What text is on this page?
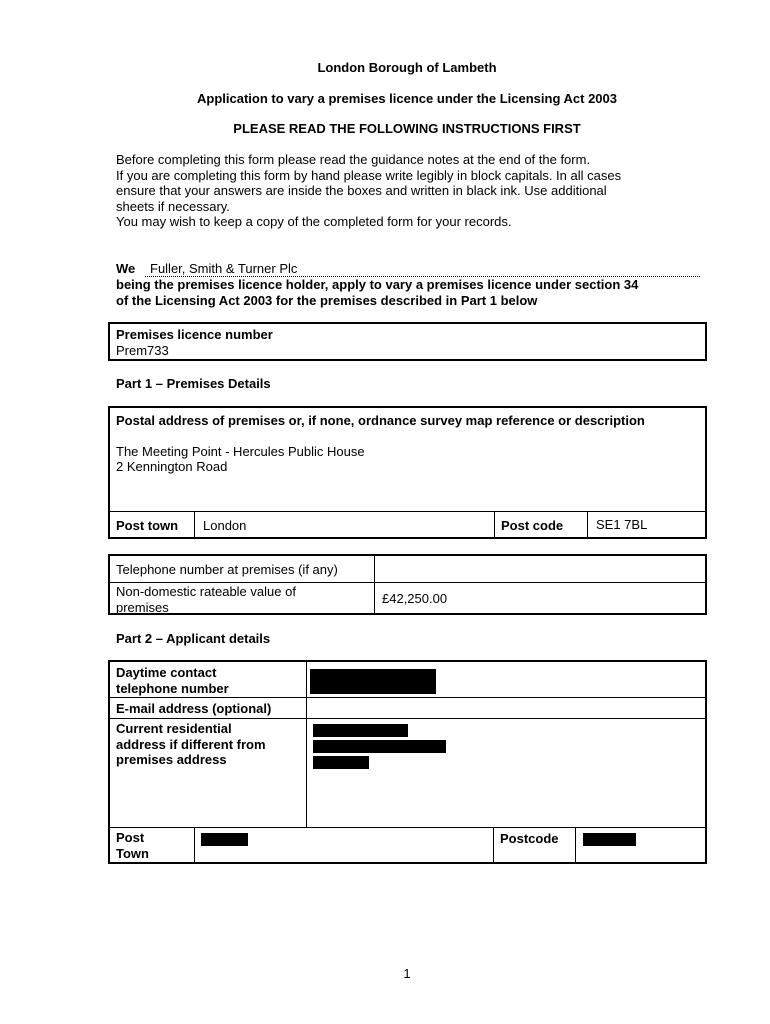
London Borough of Lambeth
Application to vary a premises licence under the Licensing Act 2003
PLEASE READ THE FOLLOWING INSTRUCTIONS FIRST
Before completing this form please read the guidance notes at the end of the form.
If you are completing this form by hand please write legibly in block capitals. In all cases
ensure that your answers are inside the boxes and written in black ink. Use additional
sheets if necessary.
You may wish to keep a copy of the completed form for your records.
We Fuller, Smith & Turner Plc
being the premises licence holder, apply to vary a premises licence under section 34
of the Licensing Act 2003 for the premises described in Part 1 below
Premises licence number
Prem733
Part 1 – Premises Details
Postal address of premises or, if none, ordnance survey map reference or description
The Meeting Point - Hercules Public House
2 Kennington Road
Post town London	Post code	SE1 7BL
Telephone number at premises (if any)
Non-domestic rateable value of
premises
£42,250.00
Part 2 – Applicant details
Daytime contact
telephone number
E-mail address (optional)
Current residential
address if different from
premises address
Post
Town
Postcode
1
